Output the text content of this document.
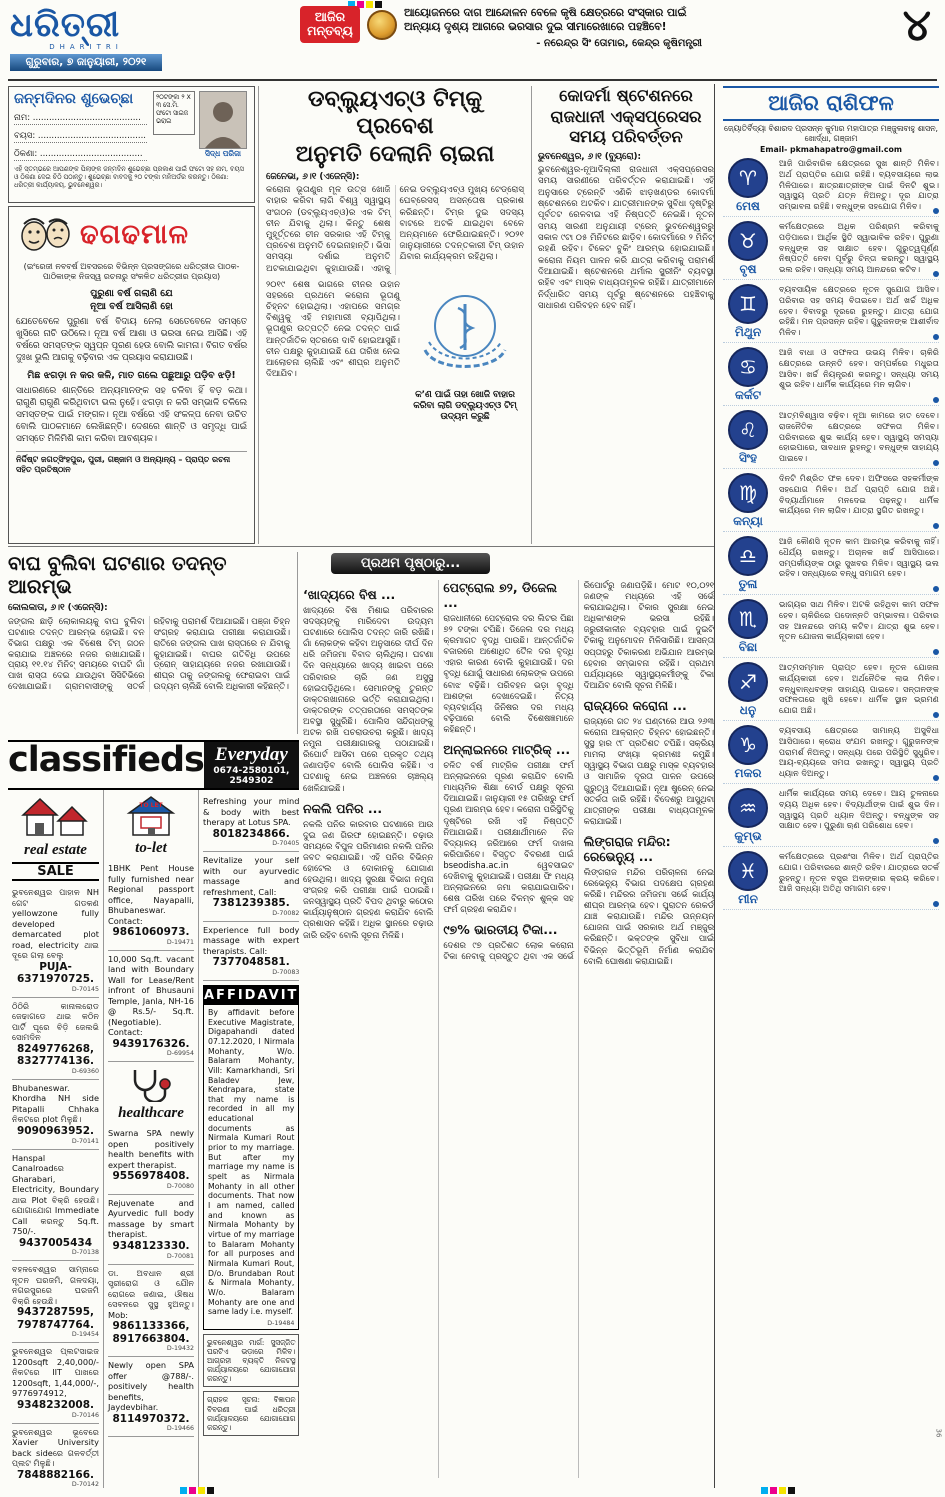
ଧରିତ୍ରୀ
DHARITRI
ଗୁରୁବାର, ୭ ଜାନୁୟାରୀ, ୨୦୨୧
ଆଜିର
ମନ୍ତବ୍ୟ
ଆୟୋଜନରେ ଦାଗ ଆନ୍ଦୋଳନ ବେଳେ କୃଷି କ୍ଷେତ୍ରରେ ସଂସ୍କାର ପାଇଁ ଅନ୍ୟାୟ ଦୃଶ୍ୟ ଆଗରେ ଭରସାର ଦୁଇ ସୀମାରେଖାରେ ପହଞ୍ଚିବେ!
- ନରେନ୍ଦ୍ର ସିଂ ତୋମାର, କେନ୍ଦ୍ର କୃଷିମନ୍ତ୍ରୀ	୪
ଜନ୍ମଦିନର ଶୁଭେଚ୍ଛା
ନାମ: ........................................
ବୟସ: ........................................
ଠିକଣା: ......................................
୨୦ଟଙ୍କା ୨ X ୩ ସେ.ମି. ଫଟୋ ସାଇଜ ଭରାଇ
ସିଦ୍ଧ ପରିଜା
ଏହି ସ୍ତମ୍ଭରେ ଆପଣଙ୍କ ପିଲାଙ୍କ ଜନ୍ମଦିନ ଶୁଭେଚ୍ଛା ପ୍ରକାଶ ପାଇଁ ଫଟୋ ସହ ନାମ, ବୟସ ଓ ଠିକଣା ଦେଇ ଚିଠି ପଠାନ୍ତୁ। ଶୁଭେଚ୍ଛା ବାବଦକୁ ୨୦ ଟଙ୍କା ମନିଅର୍ଡର କରନ୍ତୁ। ଠିକଣା: ଧରିତ୍ରୀ କାର୍ଯ୍ୟାଳୟ, ଭୁବନେଶ୍ୱର।
ଢଗଢମାଳ
(ଇଂରେଜୀ ନବବର୍ଷ ଅବସରରେ ବିଭିନ୍ନ ପ୍ରସଙ୍ଗରେ ଧରିତ୍ରୀର ପାଠକ-ପାଠିକାଙ୍କ ନିଜସ୍ୱ ରଚନାରୁ ସଂକଳିତ ଧରିତ୍ରୀର ପ୍ରୟାସ)
ପୁରୁଣା ବର୍ଷ ଗଲାଣି ଯେ
ନୂଆ ବର୍ଷ ଆସିଲାଣି ହୋ
ଯେତେବେଳେ ପୁରୁଣା ବର୍ଷ ବିଦାୟ ନେଲା ସେତେବେଳେ ସମସ୍ତେ ଖୁସିରେ ନାଚି ଉଠିଲେ। ନୂଆ ବର୍ଷ ଆଶା ଓ ଭରସା ନେଇ ଆସିଛି। ଏହି ବର୍ଷରେ ସମସ୍ତଙ୍କ ସ୍ୱପ୍ନ ପୂରଣ ହେଉ ବୋଲି କାମନା। ବିଗତ ବର୍ଷର ଦୁଃଖ ଭୁଲି ଆଗକୁ ବଢ଼ିବାର ଏକ ପ୍ରୟାସ କରାଯାଉଛି।
ମିଛ ଝଗଡ଼ା ନ କର କଳି, ମାତ ଗଲେ ପଛୁଆରୁ ପଡ଼ିବ ଝଡ଼ି!
ସାଧାରଣରେ ଶାନ୍ତିରେ ଅନ୍ୟମାନଙ୍କ ସହ ଚଳିବା ହିଁ ବଡ଼ କଥା। ରାଗୁଣି ରାଗୁଣି କରିଥିବାଟା ଭଲ ନୁହେଁ। ଝଗଡ଼ା ନ କରି ସମ୍ଭାଳି ଚଳିଲେ ସମସ୍ତଙ୍କ ପାଇଁ ମଙ୍ଗଳ। ନୂଆ ବର୍ଷରେ ଏହି ସଂକଳ୍ପ ନେବା ଉଚିତ ବୋଲି ପାଠକମାନେ ଲେଖିଛନ୍ତି। ଦେଶରେ ଶାନ୍ତି ଓ ସମୃଦ୍ଧି ପାଇଁ ସମସ୍ତେ ମିଳିମିଶି କାମ କରିବା ଆବଶ୍ୟକ।
ନିର୍ଦ୍ଦିଷ୍ଟ ଜଗତ୍‌ସିଂହପୁର, ପୁରୀ, ଗଞ୍ଜାମ ଓ ଅନ୍ୟାନ୍ୟ – ପ୍ରାପ୍ତ ରଚନା ସହିତ ପ୍ରତିଷ୍ଠାନ
ଡବ୍ଲ୍ୟୁଏଚ୍‌ଓ ଟିମ୍‌କୁ ପ୍ରବେଶ
ଅନୁମତି ଦେଲାନି ଚାଇନା
ଜେନେଭା, ୬।୧ (ଏଜେନ୍ସି):
କରୋନା ଭୂତାଣୁର ମୂଳ ଉତ୍ସ ଖୋଜି ବାହାର କରିବା ଲାଗି ବିଶ୍ୱ ସ୍ୱାସ୍ଥ୍ୟ ସଂଗଠନ (ଡବ୍ଲ୍ୟୁଏଚ୍‌ଓ)ର ଏକ ଟିମ୍ ଚୀନ ଯିବାକୁ ଥିଲା। କିନ୍ତୁ ଶେଷ ମୁହୂର୍ତ୍ତରେ ଚୀନ ସରକାର ଏହି ଟିମ୍‌କୁ ପ୍ରବେଶ ଅନୁମତି ଦେଇନାହାନ୍ତି। ଭିସା ସମସ୍ୟା ଦର୍ଶାଇ ଅନୁମତି ଅଟକାଯାଇଥିବା କୁହାଯାଉଛି। ଏହାକୁ ନେଇ ଡବ୍ଲ୍ୟୁଏଚ୍‌ଓ ମୁଖ୍ୟ ଟେଡ୍ରୋସ୍ ଘେବ୍ରେସସ୍ ଅସନ୍ତୋଷ ପ୍ରକାଶ କରିଛନ୍ତି। ଟିମ୍‌ର ଦୁଇ ସଦସ୍ୟ ବାଟରେ ଅଟକି ଯାଇଥିବା ବେଳେ ଅନ୍ୟମାନେ ଫେରିଯାଇଛନ୍ତି। ୨୦୨୧ ଜାନୁୟାରୀରେ ତଦନ୍ତକାରୀ ଟିମ୍ ଉହାନ ଯିବାର କାର୍ଯ୍ୟକ୍ରମ ରହିଥିଲା।
୨୦୧୯ ଶେଷ ଭାଗରେ ଚୀନର ଉହାନ ସହରରେ ପ୍ରଥମେ କରୋନା ଭୂତାଣୁ ଚିହ୍ନଟ ହୋଇଥିଲା। ଏହାପରେ ସମଗ୍ର ବିଶ୍ୱକୁ ଏହି ମହାମାରୀ ବ୍ୟାପିଥିଲା। ଭୂତାଣୁର ଉତ୍ପତ୍ତି ନେଇ ତଦନ୍ତ ପାଇଁ ଆନ୍ତର୍ଜାତିକ ସ୍ତରରେ ଦାବି ହୋଇଆସୁଛି। ଚୀନ ପକ୍ଷରୁ କୁହାଯାଇଛି ଯେ ତାରିଖ ନେଇ ଆଲୋଚନା ଚାଲିଛି ଏବଂ ଶୀଘ୍ର ଅନୁମତି ଦିଆଯିବ।
କ’ଣ ପାଇଁ ତାହା ଖୋଜି ବାହାର କରିବା ଲାଗି ଡବ୍ଲ୍ୟୁଏଚ୍‌ଓ ଟିମ୍ ଉଦ୍ୟମ କରୁଛି
କୋଦର୍ମା ଷ୍ଟେଶନରେ ରାଜଧାନୀ ଏକ୍ସପ୍ରେସର ସମୟ ପରିବର୍ତ୍ତନ
ଭୁବନେଶ୍ୱର, ୬।୧ (ବ୍ୟୁରୋ):
ଭୁବନେଶ୍ୱର-ନୂଆଦିଲ୍ଲୀ ରାଜଧାନୀ ଏକ୍ସପ୍ରେସର ସମୟ ସାରଣୀରେ ପରିବର୍ତ୍ତନ କରାଯାଇଛି। ଏହି ଅନୁସାରେ ଟ୍ରେନ୍‌ଟି ଏଣିକି ଝାଡ଼ଖଣ୍ଡର କୋଦର୍ମା ଷ୍ଟେଶନରେ ଅଟକିବ। ଯାତ୍ରୀମାନଙ୍କ ସୁବିଧା ଦୃଷ୍ଟିରୁ ପୂର୍ବତଟ ରେଳବାଇ ଏହି ନିଷ୍ପତ୍ତି ନେଇଛି। ନୂତନ ସମୟ ସାରଣୀ ଅନୁଯାୟୀ ଟ୍ରେନ୍ ଭୁବନେଶ୍ୱରରୁ ସକାଳ ୯ଟା ୦୫ ମିନିଟରେ ଛାଡ଼ିବ। କୋଦର୍ମାରେ ୨ ମିନିଟ୍ ରହଣି ରହିବ। ଟିକେଟ ବୁକିଂ ଆରମ୍ଭ ହୋଇଯାଇଛି। କରୋନା ନିୟମ ପାଳନ କରି ଯାତ୍ରା କରିବାକୁ ପରାମର୍ଶ ଦିଆଯାଇଛି। ଷ୍ଟେଶନରେ ଥର୍ମାଲ ସ୍କ୍ରୀନିଂ ବ୍ୟବସ୍ଥା ରହିବ ଏବଂ ମାସ୍କ ବାଧ୍ୟତାମୂଳକ ରହିଛି। ଯାତ୍ରୀମାନେ ନିର୍ଦ୍ଧାରିତ ସମୟ ପୂର୍ବରୁ ଷ୍ଟେଶନରେ ପହଞ୍ଚିବାକୁ ସାଧାରଣ ପରିବହନ ହେବ ନାହିଁ।
ବାଘ ବୁଲିବା ଘଟଣାର ତଦନ୍ତ ଆରମ୍ଭ
କୋଲକାତା, ୬।୧ (ଏଜେନ୍ସି):
ଜଙ୍ଗଲ ଛାଡ଼ି ଲୋକାଲୟକୁ ବାଘ ବୁଲିବା ଘଟଣାର ତଦନ୍ତ ଆରମ୍ଭ ହୋଇଛି। ବନ ବିଭାଗ ପକ୍ଷରୁ ଏକ ବିଶେଷ ଟିମ୍ ଗଠନ କରାଯାଇ ଅଞ୍ଚଳରେ ନଜର ରଖାଯାଇଛି। ପ୍ରାୟ ୧୧.୧୪ ମିନିଟ୍ ସମୟରେ ବାଘଟି ଗାଁ ପାଖ ରାସ୍ତା ଦେଇ ଯାଉଥିବା ସିସିଟିଭିରେ ଦେଖାଯାଇଛି। ଗ୍ରାମବାସୀଙ୍କୁ ସତର୍କ ରହିବାକୁ ପରାମର୍ଶ ଦିଆଯାଇଛି। ପଞ୍ଜା ଚିହ୍ନ ସଂଗ୍ରହ କରାଯାଇ ପରୀକ୍ଷା କରାଯାଉଛି। ରାତିରେ ଜଙ୍ଗଲ ପାଖ ରାସ୍ତାରେ ନ ଯିବାକୁ କୁହାଯାଇଛି। ବାଘର ଗତିବିଧି ଉପରେ ଡ୍ରୋନ୍ ସାହାଯ୍ୟରେ ନଜର ରଖାଯାଉଛି। ଶୀଘ୍ର ତାକୁ ଜଙ୍ଗଲକୁ ଫେରାଇବା ପାଇଁ ଉଦ୍ୟମ ଚାଲିଛି ବୋଲି ଅଧିକାରୀ କହିଛନ୍ତି।
ପ୍ରଥମ ପୃଷ୍ଠାରୁ...
‘ଖାଦ୍ୟରେ ବିଷ ...

ଖାଦ୍ୟରେ ବିଷ ମିଶାଇ ପରିବାରର ସଦସ୍ୟଙ୍କୁ ମାରିଦେବା ଉଦ୍ୟମ ଘଟଣାରେ ପୋଲିସ ତଦନ୍ତ ଜାରି ରଖିଛି। ଗାଁ ଲୋକଙ୍କ କହିବା ଅନୁସାରେ ଦୀର୍ଘ ଦିନ ଧରି ଜମିଜମା ବିବାଦ ଚାଲିଥିଲା। ଘଟଣା ଦିନ ସନ୍ଧ୍ୟାରେ ଖାଦ୍ୟ ଖାଇବା ପରେ ପରିବାରର ଚାରି ଜଣ ଅସୁସ୍ଥ ହୋଇପଡ଼ିଥିଲେ। ସେମାନଙ୍କୁ ତୁରନ୍ତ ଡାକ୍ତରଖାନାରେ ଭର୍ତ୍ତି କରାଯାଇଥିଲା। ଡାକ୍ତରଙ୍କ ତତ୍ପରତାରେ ସମସ୍ତଙ୍କ ଅବସ୍ଥା ସୁଧୁରିଛି। ପୋଲିସ ସନ୍ଦିଗ୍ଧଙ୍କୁ ଅଟକ ରଖି ପଚରାଉଚରା କରୁଛି। ଖାଦ୍ୟ ନମୁନା ପରୀକ୍ଷାଗାରକୁ ପଠାଯାଇଛି। ରିପୋର୍ଟ ଆସିବା ପରେ ପ୍ରକୃତ ତଥ୍ୟ ଜଣାପଡ଼ିବ ବୋଲି ପୋଲିସ କହିଛି। ଏ ଘଟଣାକୁ ନେଇ ଅଞ୍ଚଳରେ ଚାଞ୍ଚଲ୍ୟ ଖେଳିଯାଇଛି।

ନକଲି ପନିର ...

ନକଲି ପନିର କାରବାର ଘଟଣାରେ ଆଉ ଦୁଇ ଜଣ ଗିରଫ ହୋଇଛନ୍ତି। ଚଢ଼ାଉ ସମୟରେ ବିପୁଳ ପରିମାଣର ନକଲି ପନିର ଜବତ କରାଯାଇଛି। ଏହି ପନିର ବିଭିନ୍ନ ହୋଟେଲ ଓ ଦୋକାନକୁ ଯୋଗାଣ ହେଉଥିଲା। ଖାଦ୍ୟ ସୁରକ୍ଷା ବିଭାଗ ନମୁନା ସଂଗ୍ରହ କରି ପରୀକ୍ଷା ପାଇଁ ପଠାଇଛି। ଜନସ୍ୱାସ୍ଥ୍ୟ ପ୍ରତି ବିପଦ ଥିବାରୁ କଠୋର କାର୍ଯ୍ୟାନୁଷ୍ଠାନ ଗ୍ରହଣ କରାଯିବ ବୋଲି ପ୍ରଶାସନ କହିଛି। ଅଧିକ ସ୍ଥାନରେ ଚଢ଼ାଉ ଜାରି ରହିବ ବୋଲି ସୂଚନା ମିଳିଛି।

ପେଟ୍ରୋଲ ୭୨, ଡିଜେଲ ...

ରାଜଧାନୀରେ ପେଟ୍ରୋଲ ଦର ଲିଟର ପିଛା ୭୨ ଟଙ୍କା ଟପିଛି। ଡିଜେଲ ଦର ମଧ୍ୟ କ୍ରମାଗତ ବୃଦ୍ଧି ପାଉଛି। ଆନ୍ତର୍ଜାତିକ ବଜାରରେ ଅଶୋଧିତ ତୈଳ ଦର ବୃଦ୍ଧି ଏହାର କାରଣ ବୋଲି କୁହାଯାଉଛି। ଦର ବୃଦ୍ଧି ଯୋଗୁଁ ସାଧାରଣ ଲୋକଙ୍କ ଉପରେ ବୋଝ ବଢ଼ିଛି। ପରିବହନ ଭଡ଼ା ବୃଦ୍ଧି ଆଶଙ୍କା ଦେଖାଦେଇଛି। ନିତ୍ୟ ବ୍ୟବହାର୍ଯ୍ୟ ଜିନିଷର ଦର ମଧ୍ୟ ବଢ଼ିପାରେ ବୋଲି ବିଶେଷଜ୍ଞମାନେ କହିଛନ୍ତି।

ଅନ୍‌ଲାଇନରେ ମାଟ୍ରିକ୍ ...

ଚଳିତ ବର୍ଷ ମାଟ୍ରିକ ପରୀକ୍ଷା ଫର୍ମ ଅନ୍‌ଲାଇନରେ ପୂରଣ କରାଯିବ ବୋଲି ମାଧ୍ୟମିକ ଶିକ୍ଷା ବୋର୍ଡ ପକ୍ଷରୁ ସୂଚନା ଦିଆଯାଇଛି। ଜାନୁୟାରୀ ୧୫ ତାରିଖରୁ ଫର୍ମ ପୂରଣ ଆରମ୍ଭ ହେବ। କରୋନା ପରିସ୍ଥିତିକୁ ଦୃଷ୍ଟିରେ ରଖି ଏହି ନିଷ୍ପତ୍ତି ନିଆଯାଇଛି। ପରୀକ୍ଷାର୍ଥୀମାନେ ନିଜ ବିଦ୍ୟାଳୟ ଜରିଆରେ ଫର୍ମ ଦାଖଲ କରିପାରିବେ। ବିସ୍ତୃତ ବିବରଣୀ ପାଇଁ bseodisha.ac.in ୱେବସାଇଟ ଦେଖିବାକୁ କୁହାଯାଇଛି। ପରୀକ୍ଷା ଫି ମଧ୍ୟ ଅନ୍‌ଲାଇନରେ ଜମା କରାଯାଇପାରିବ। ଶେଷ ତାରିଖ ପରେ ବିଳମ୍ବ ଶୁଳ୍କ ସହ ଫର୍ମ ଗ୍ରହଣ କରାଯିବ।

୯୭% ଭାରତୀୟ ଟିକା...

ଦେଶର ୯୭ ପ୍ରତିଶତ ଲୋକ କରୋନା ଟିକା ନେବାକୁ ପ୍ରସ୍ତୁତ ଥିବା ଏକ ସର୍ଭେ ରିପୋର୍ଟରୁ ଜଣାପଡ଼ିଛି। ମୋଟ ୧୦,୦୨୧ ଜଣଙ୍କ ମଧ୍ୟରେ ଏହି ସର୍ଭେ କରାଯାଇଥିଲା। ଟିକାର ସୁରକ୍ଷା ନେଇ ଅଧିକାଂଶଙ୍କ ଭରସା ରହିଛି। ଜରୁରୀକାଳୀନ ବ୍ୟବହାର ପାଇଁ ଦୁଇଟି ଟିକାକୁ ଅନୁମୋଦନ ମିଳିସାରିଛି। ଆସନ୍ତା ସପ୍ତାହରୁ ଟିକାକରଣ ଅଭିଯାନ ଆରମ୍ଭ ହେବାର ସମ୍ଭାବନା ରହିଛି। ପ୍ରଥମ ପର୍ଯ୍ୟାୟରେ ସ୍ୱାସ୍ଥ୍ୟକର୍ମୀଙ୍କୁ ଟିକା ଦିଆଯିବ ବୋଲି ସୂଚନା ମିଳିଛି।

ରାଜ୍ୟରେ କରୋନା ...

ରାଜ୍ୟରେ ଗତ ୨୪ ଘଣ୍ଟାରେ ଆଉ ୨୬୩ କରୋନା ଆକ୍ରାନ୍ତ ଚିହ୍ନଟ ହୋଇଛନ୍ତି। ସୁସ୍ଥ ହାର ୯୮ ପ୍ରତିଶତ ଟପିଛି। ସକ୍ରିୟ ମାମଲା ସଂଖ୍ୟା କ୍ରମଶଃ କମୁଛି। ସ୍ୱାସ୍ଥ୍ୟ ବିଭାଗ ପକ୍ଷରୁ ମାସ୍କ ବ୍ୟବହାର ଓ ସାମାଜିକ ଦୂରତା ପାଳନ ଉପରେ ଗୁରୁତ୍ୱ ଦିଆଯାଇଛି। ନୂଆ ଷ୍ଟ୍ରେନ୍ ନେଇ ସତର୍କତା ଜାରି ରହିଛି। ବିଦେଶରୁ ଆସୁଥିବା ଯାତ୍ରୀଙ୍କ ପରୀକ୍ଷା ବାଧ୍ୟତାମୂଳକ କରାଯାଇଛି।

ଲିଙ୍ଗରାଜ ମନ୍ଦିର: ରେଭେନ୍ୟୁ ...

ଲିଙ୍ଗରାଜ ମନ୍ଦିର ପରିଚାଳନା ନେଇ ରେଭେନ୍ୟୁ ବିଭାଗ ପଦକ୍ଷେପ ଗ୍ରହଣ କରିଛି। ମନ୍ଦିରର ଜମିଜମା ସର୍ଭେ କାର୍ଯ୍ୟ ଶୀଘ୍ର ଆରମ୍ଭ ହେବ। ପୁରାତନ ରେକର୍ଡ ଯାଞ୍ଚ କରାଯାଉଛି। ମନ୍ଦିର ଉନ୍ନୟନ ଯୋଜନା ପାଇଁ ସରକାର ଅର୍ଥ ମଞ୍ଜୁର କରିଛନ୍ତି। ଭକ୍ତଙ୍କ ସୁବିଧା ପାଇଁ ବିଭିନ୍ନ ଭିତ୍ତିଭୂମି ନିର୍ମାଣ କରାଯିବ ବୋଲି ଘୋଷଣା କରାଯାଇଛି।

ଆଜିର ରାଶିଫଳ
ଜ୍ୟୋତିର୍ବିଦ୍ୟା ବିଶାରଦ ପ୍ରସନ୍ନ କୁମାର ମହାପାତ୍ର ମଞ୍ଜୁଳାବାହୁ ଶାସନ, ଖୋର୍ଦ୍ଧା, ଗଞ୍ଜାମ
Email- pkmahapatro@gmail.com
♈
ମେଷ
ଆଜି ପାରିବାରିକ କ୍ଷେତ୍ରରେ ସୁଖ ଶାନ୍ତି ମିଳିବ। ଅର୍ଥ ପ୍ରାପ୍ତିର ଯୋଗ ରହିଛି। ବ୍ୟବସାୟରେ ଲାଭ ମିଳିପାରେ। ଛାତ୍ରଛାତ୍ରୀଙ୍କ ପାଇଁ ଦିନଟି ଶୁଭ। ସ୍ୱାସ୍ଥ୍ୟ ପ୍ରତି ଯତ୍ନ ନିଅନ୍ତୁ। ଦୂର ଯାତ୍ରା ସମ୍ଭାବନା ରହିଛି। ବନ୍ଧୁଙ୍କ ସହଯୋଗ ମିଳିବ।
♉
ବୃଷ
କର୍ମକ୍ଷେତ୍ରରେ ଅଧିକ ପରିଶ୍ରମ କରିବାକୁ ପଡ଼ିପାରେ। ଆର୍ଥିକ ସ୍ଥିତି ସ୍ୱାଭାବିକ ରହିବ। ପୁରୁଣା ବନ୍ଧୁଙ୍କ ସହ ସାକ୍ଷାତ ହେବ। ଗୁରୁତ୍ୱପୂର୍ଣ୍ଣ ନିଷ୍ପତ୍ତି ନେବା ପୂର୍ବରୁ ଚିନ୍ତା କରନ୍ତୁ। ସ୍ୱାସ୍ଥ୍ୟ ଭଲ ରହିବ। ସନ୍ଧ୍ୟା ସମୟ ଆନନ୍ଦରେ କଟିବ।
♊
ମିଥୁନ
ବ୍ୟବସାୟିକ କ୍ଷେତ୍ରରେ ନୂତନ ସୁଯୋଗ ଆସିବ। ପରିବାର ସହ ସମୟ ବିତାଇବେ। ଅର୍ଥ ଖର୍ଚ୍ଚ ଅଧିକ ହେବ। ବିବାଦରୁ ଦୂରରେ ରୁହନ୍ତୁ। ଯାତ୍ରା ଯୋଗ ରହିଛି। ମନ ପ୍ରସନ୍ନ ରହିବ। ଗୁରୁଜନଙ୍କ ଆଶୀର୍ବାଦ ମିଳିବ।
♋
କର୍କଟ
ଆଜି ବାଧା ଓ ସଫଳତା ଉଭୟ ମିଳିବ। ଚାକିରି କ୍ଷେତ୍ରରେ ଉନ୍ନତି ହେବ। ସମ୍ପର୍କରେ ମଧୁରତା ଆସିବ। ଖର୍ଚ୍ଚ ନିୟନ୍ତ୍ରଣ କରନ୍ତୁ। ସନ୍ଧ୍ୟା ସମୟ ଶୁଭ ରହିବ। ଧାର୍ମିକ କାର୍ଯ୍ୟରେ ମନ ଲାଗିବ।
♌
ସିଂହ
ଆତ୍ମବିଶ୍ୱାସ ବଢ଼ିବ। ନୂଆ କାମରେ ହାତ ଦେବେ। ରାଜନୈତିକ କ୍ଷେତ୍ରରେ ସଫଳତା ମିଳିବ। ପରିବାରରେ ଶୁଭ କାର୍ଯ୍ୟ ହେବ। ସ୍ୱାସ୍ଥ୍ୟ ସମସ୍ୟା ହୋଇପାରେ, ସାବଧାନ ରୁହନ୍ତୁ। ବନ୍ଧୁଙ୍କ ସାହାଯ୍ୟ ପାଇବେ।
♍
କନ୍ୟା
ଦିନଟି ମିଶ୍ରିତ ଫଳ ଦେବ। ଅଫିସରେ ସହକର୍ମୀଙ୍କ ସହଯୋଗ ମିଳିବ। ଅର୍ଥ ପ୍ରାପ୍ତି ଯୋଗ ଅଛି। ବିଦ୍ୟାର୍ଥୀମାନେ ମନଦେଇ ପଢ଼ନ୍ତୁ। ଧାର୍ମିକ କାର୍ଯ୍ୟରେ ମନ ଲାଗିବ। ଯାତ୍ରା ସ୍ଥଗିତ ରଖନ୍ତୁ।
♎
ତୁଳା
ଆଜି କୌଣସି ନୂତନ କାମ ଆରମ୍ଭ କରିବାକୁ ନାହିଁ। ଧୈର୍ଯ୍ୟ ରଖନ୍ତୁ। ଅଚାନକ ଖର୍ଚ୍ଚ ଆସିପାରେ। ସମ୍ପର୍କୀୟଙ୍କ ଠାରୁ ସୁଖବର ମିଳିବ। ସ୍ୱାସ୍ଥ୍ୟ ଭଲ ରହିବ। ସନ୍ଧ୍ୟାରେ ବନ୍ଧୁ ସମାଗମ ହେବ।
♏
ବିଛା
ଭାଗ୍ୟର ସାଥ ମିଳିବ। ଅଟକି ରହିଥିବା କାମ ସଫଳ ହେବ। ଚାକିରିରେ ପଦୋନ୍ନତି ସମ୍ଭାବନା। ପରିବାର ସହ ଆନନ୍ଦରେ ସମୟ କଟିବ। ଯାତ୍ରା ଶୁଭ ହେବ। ନୂତନ ଯୋଜନା କାର୍ଯ୍ୟକାରୀ ହେବ।
♐
ଧନୁ
ଆତ୍ମସମ୍ମାନ ପ୍ରାପ୍ତ ହେବ। ନୂତନ ଯୋଜନା କାର୍ଯ୍ୟକାରୀ ହେବ। ଅର୍ଥନୈତିକ ଲାଭ ମିଳିବ। ବନ୍ଧୁବାନ୍ଧବଙ୍କ ସାହାଯ୍ୟ ପାଇବେ। ସନ୍ତାନଙ୍କ ସଫଳତାରେ ଖୁସି ହେବେ। ଧାର୍ମିକ ସ୍ଥାନ ଭ୍ରମଣ ଯୋଗ ଅଛି।
♑
ମକର
ବ୍ୟବସାୟ କ୍ଷେତ୍ରରେ ସାମାନ୍ୟ ଅସୁବିଧା ଆସିପାରେ। କ୍ରୋଧ ସଂଯମ ରଖନ୍ତୁ। ଗୁରୁଜନଙ୍କ ପରାମର୍ଶ ନିଅନ୍ତୁ। ସନ୍ଧ୍ୟା ପରେ ପରିସ୍ଥିତି ସୁଧୁରିବ। ଆୟ-ବ୍ୟୟରେ ସମତା ରଖନ୍ତୁ। ସ୍ୱାସ୍ଥ୍ୟ ପ୍ରତି ଧ୍ୟାନ ଦିଅନ୍ତୁ।
♒
କୁମ୍ଭ
ଧାର୍ମିକ କାର୍ଯ୍ୟରେ ସମୟ ଦେବେ। ଆୟ ତୁଳନାରେ ବ୍ୟୟ ଅଧିକ ହେବ। ବିଦ୍ୟାର୍ଥୀଙ୍କ ପାଇଁ ଶୁଭ ଦିନ। ସ୍ୱାସ୍ଥ୍ୟ ପ୍ରତି ଧ୍ୟାନ ଦିଅନ୍ତୁ। ବନ୍ଧୁଙ୍କ ସହ ସାକ୍ଷାତ ହେବ। ପୁରୁଣା ଋଣ ପରିଶୋଧ ହେବ।
♓
ମୀନ
କର୍ମକ୍ଷେତ୍ରରେ ପ୍ରଶଂସା ମିଳିବ। ଅର୍ଥ ପ୍ରାପ୍ତିର ଯୋଗ। ପରିବାରରେ ଶାନ୍ତି ରହିବ। ଯାତ୍ରାରେ ସତର୍କ ରୁହନ୍ତୁ। ନୂତନ ବସ୍ତ୍ର ଅଳଙ୍କାର କ୍ରୟ କରିବେ। ଆଜି ସନ୍ଧ୍ୟା ଅତିଥି ସମାଗମ ହେବ।
classifieds Everyday
0674-2580101, 2549302
real estate
SALE
ଭୁବନେଶ୍ୱର ପାହାଳ NH ଗେଟ ଗଡକଣ yellowzone fully developed demarcated plot road, electricity ଥାଇ ଦୂରେ ଗଲା ବେଲୁ
PUJA-6371970725.
D-70145
ଠିଠିରି କାନାଲରୋଡ ଜେଢାଗଡେ ଥାଇ କଠିନ ପାର୍ଟି ଘୂରେ ବିଡ଼ି ଜେଲଭି ସୋମଦିନ
8249776268, 8327774136.
D-69360
Bhubaneswar. Khordha NH side Pitapalli Chhaka ନିକଟରେ plot ମିଳୁଛି।
9090963952.
D-70141
Hanspal Canalroadରେ Gharabari, Electricity, Boundary ଥାଇ Plot ବିକ୍ରି ହେଉଛି। ଯୋଗାଯୋଗ Immediate Call କରନ୍ତୁ Sq.ft. 750/-.
9437005434
D-70138
ବହଳବେଶ୍ୱର ସାମ୍ନାରେ ନୂତନ ଘରଜମି, ଗଳଦୟା, ନଗରସୁରରେ ଘରଜମି ବିକ୍ରି ହେଉଛି।
9437287595, 7978747764.
D-19454
ଭୁବନେଶ୍ୱର ପ୍ଲଟସାଇଜ 1200sqft 2,40,000/- ନିକଟରେ IIT ପାଖରେ 1200sqft, 1,44,000/-, 9776974912,
9348232008.
D-70146
ଭୁବନେଶ୍ୱର ଭୂବେରେ Xavier University back sideରେ ଗଳବର୍ତ୍ତୀ ପ୍ଲଟ ମିଳୁଛି।
7848882166.
D-70142
TO LET
to-let
1BHK Pent House fully furnished near Regional passport office, Nayapalli, Bhubaneswar. Contact:
9861060973.
D-19471
10,000 Sq.ft. vacant land with Boundary Wall for Lease/Rent infront of Bhusauni Temple, Janla, NH-16 @ Rs.5/- Sq.ft. (Negotiable). Contact:
9439176326.
D-69954
healthcare
Swarna SPA newly open positively health benefits with expert therapist.
9556978408.
D-70080
Rejuvenate and Ayurvedic full body massage by smart therapist.
9348123330.
D-70081
ଡା. ଅବଧାନ ଶ୍ରୀ ସ୍ତ୍ରୀରୋଗ ଓ ଯୌନ ରୋଗରେ ଜଣାଇ, ଔଷଧ ସେବନରେ ସୁସ୍ଥ ହୁଅନ୍ତୁ। Mob:
9861133366, 8917663804.
D-19432
Newly open SPA offer @788/-. positively health benefits, Jaydevbihar.
8114970372.
D-19466
Refreshing your mind & body with best therapy at Lotus SPA.
8018234866.
D-70405
Revitalize your self with our ayurvedic massage and refreshment, Call:
7381239385.
D-70082
Experience full body massage with expert therapists. Call:
7377048581.
D-70083
AFFIDAVIT
By affidavit before Executive Magistrate, Digapahandi dated 07.12.2020, I Nirmala Mohanty, W/o. Balaram Mohanty, Vill: Kamarkhandi, Sri Baladev Jew, Kendrapara, state that my name is recorded in all my educational documents as Nirmala Kumari Rout prior to my marriage. But after my marriage my name is spelt as Nirmala Mohanty in all other documents. That now I am named, called and known as Nirmala Mohanty by virtue of my marriage to Balaram Mohanty for all purposes and Nirmala Kumari Rout, D/o. Brundaban Rout & Nirmala Mohanty, W/o. Balaram Mohanty are one and same lady i.e. myself.
D-19484
ଭୁବନେଶ୍ୱର ମାର୍ଗ: ସୁସଜ୍ଜିତ ଘରଟିଏ ଭଡ଼ାରେ ମିଳିବ। ଆଗ୍ରହୀ ବ୍ୟକ୍ତି ନିକଟସ୍ଥ କାର୍ଯ୍ୟାଳୟରେ ଯୋଗାଯୋଗ କରନ୍ତୁ।
ଗ୍ରାହକ ସୂଚନା: ବିଜ୍ଞାପନ ବିବରଣୀ ପାଇଁ ଧରିତ୍ରୀ କାର୍ଯ୍ୟାଳୟରେ ଯୋଗାଯୋଗ କରନ୍ତୁ।
36
